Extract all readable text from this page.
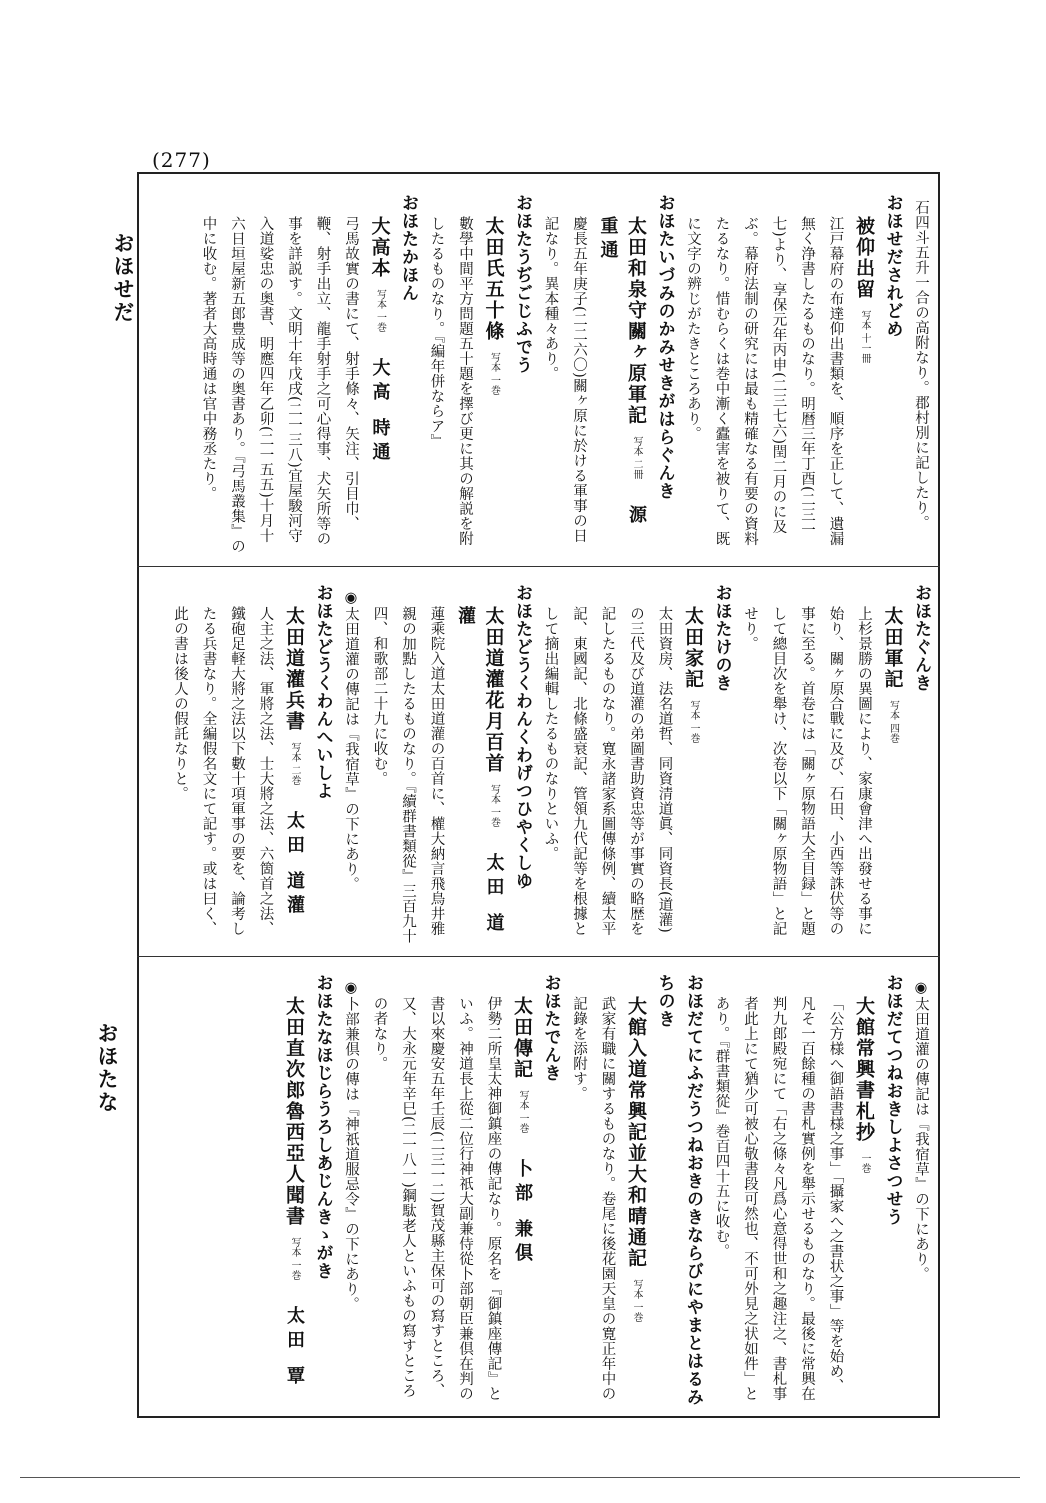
(277)
おほせだ
おほたな
石四斗五升一合の高附なり。郡村別に記したり。
おほせだされどめ
被仰出留写本 十一冊
江戸幕府の布達仰出書類を、順序を正して、遺漏無く浄書したるものなり。明暦三年丁酉(二三一七)より、享保元年丙申(二三七六)閏二月のに及ぶ。幕府法制の研究には最も精確なる有要の資料たるなり。惜むらくは巻中漸く蠹害を被りて、既に文字の辨じがたきところあり。
おほたいづみのかみせきがはらぐんき
太田和泉守關ヶ原軍記写本 二冊源 重通
慶長五年庚子(二二六〇)關ヶ原に於ける軍事の日記なり。異本種々あり。
おほたうぢごじふでう
太田氏五十條写本 一巻
數學中間平方問題五十題を擇び更に其の解説を附したるものなり。『編年併ならア』
おほたかほん
大高本写本 一巻大高 時通
弓馬故實の書にて、射手條々、矢注、引目巾、鞭、射手出立、龍手射手之可心得事、犬矢所等の事を詳説す。文明十年戊戌(二一三八)宜屋駿河守入道娑忠の奥書、明應四年乙卯(二一五五)十月十六日垣屋新五郎豊成等の奥書あり。『弓馬叢集』の中に收む。著者大高時通は官中務丞たり。
おほたぐんき
太田軍記写本 四巻
上杉景勝の異圖により、家康會津へ出發せる事に始り、關ヶ原合戰に及び、石田、小西等誅伏等の事に至る。首卷には「關ヶ原物語大全目録」と題して總目次を舉け、次卷以下「關ヶ原物語」と記せり。
おほたけのき
太田家記写本 一巻
太田資房、法名道哲、同資清道眞、同資長(道灌)の三代及び道灌の弟圖書助資忠等が事實の略歴を記したるものなり。寛永諸家系圖傳條例、續太平記、東國記、北條盛衰記、管領九代記等を根據として摘出編輯したるものなりといふ。
おほたどうくわんくわげつひやくしゆ
太田道灌花月百首写本 一巻太田 道灌
蓮乘院入道太田道灌の百首に、權大納言飛鳥井雅親の加點したるものなり。『續群書類從』三百九十四、和歌部二十九に收む。
◉太田道灌の傳記は『我宿草』の下にあり。
おほたどうくわんへいしよ
太田道灌兵書写本 二巻太田 道灌
人主之法、軍將之法、士大將之法、六箇首之法、鐵砲足軽大將之法以下數十項軍事の要を、論考したる兵書なり。全編假名文にて記す。或は曰く、此の書は後人の假託なりと。
◉太田道灌の傳記は『我宿草』の下にあり。
おほだてつねおきしよさつせう
大館常興書札抄一巻
「公方様へ御語書様之事」「攝家へ之書状之事」等を始め、凡そ一百餘種の書札實例を舉示せるものなり。最後に常興在判九郎殿宛にて「右之條々凡爲心意得世和之趣注之、書札事者此上にて猶少可被心敬書段可然也、不可外見之状如件」とあり。『群書類從』巻百四十五に收む。
おほだてにふだうつねおきのきならびにやまとはるみちのき
大館入道常興記並大和晴通記写本 一巻
武家有職に關するものなり。卷尾に後花園天皇の寛正年中の記錄を添附す。
おほたでんき
太田傳記写本 一巻卜部 兼倶
伊勢二所皇太神御鎮座の傳記なり。原名を『御鎮座傳記』といふ。神道長上從二位行神祇大副兼侍從卜部朝臣兼倶在判の書以來慶安五年壬辰(二三一二)賀茂縣主保可の寫すところ、又、大永元年辛巳(二一八一)鋼駄老人といふもの寫すところの者なり。
◉卜部兼倶の傳は『神祇道服忌令』の下にあり。
おほたなほじらうろしあじんきゝがき
太田直次郎魯西亞人聞書写本 一巻太田 覃
